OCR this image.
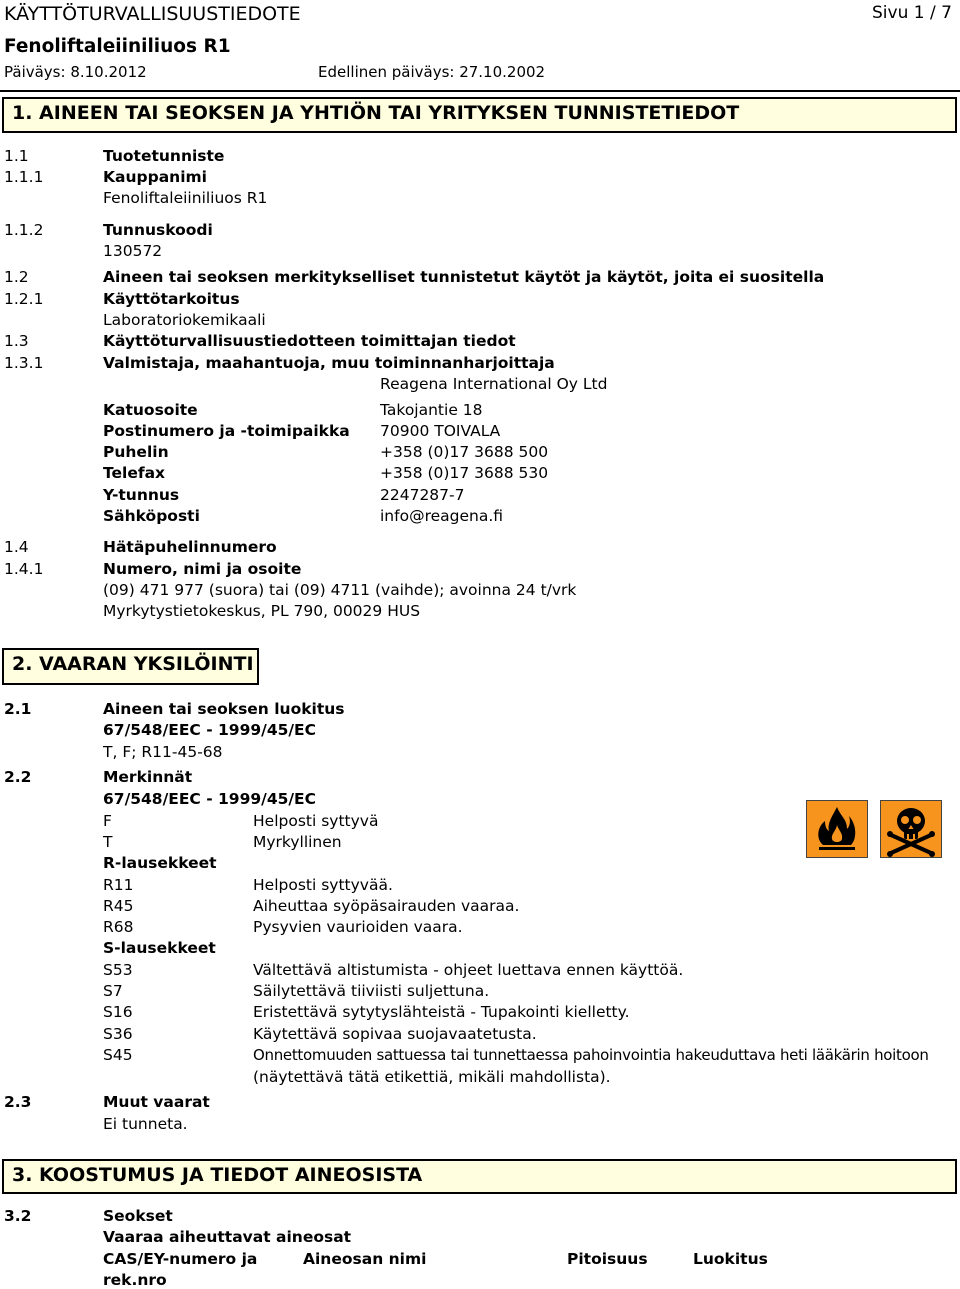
KÄYTTÖTURVALLISUUSTIEDOTE	Sivu 1 / 7
Fenoliftaleiiniliuos R1
Päiväys: 8.10.2012	Edellinen päiväys: 27.10.2002
1. AINEEN TAI SEOKSEN JA YHTIÖN TAI YRITYKSEN TUNNISTETIEDOT
1.1	Tuotetunniste
1.1.1	Kauppanimi
Fenoliftaleiiniliuos R1
1.1.2	Tunnuskoodi
130572
1.2	Aineen tai seoksen merkitykselliset tunnistetut käytöt ja käytöt, joita ei suositella
1.2.1	Käyttötarkoitus
Laboratoriokemikaali
1.3	Käyttöturvallisuustiedotteen toimittajan tiedot
1.3.1	Valmistaja, maahantuoja, muu toiminnanharjoittaja
Reagena International Oy Ltd
Katuosoite	Takojantie 18
Postinumero ja -toimipaikka 70900 TOIVALA
Puhelin	+358 (0)17 3688 500
Telefax	+358 (0)17 3688 530
Y-tunnus	2247287-7
Sähköposti	info@reagena.fi
1.4	Hätäpuhelinnumero
1.4.1	Numero, nimi ja osoite
(09) 471 977 (suora) tai (09) 4711 (vaihde); avoinna 24 t/vrk
Myrkytystietokeskus, PL 790, 00029 HUS
2. VAARAN YKSILÖINTI
2.1	Aineen tai seoksen luokitus
67/548/EEC - 1999/45/EC
T, F; R11-45-68
2.2	Merkinnät
67/548/EEC - 1999/45/EC
F	Helposti syttyvä
T	Myrkyllinen
R-lausekkeet
R11	Helposti syttyvää.
R45	Aiheuttaa syöpäsairauden vaaraa.
R68	Pysyvien vaurioiden vaara.
S-lausekkeet
S53	Vältettävä altistumista - ohjeet luettava ennen käyttöä.
S7	Säilytettävä tiiviisti suljettuna.
S16	Eristettävä sytytyslähteistä - Tupakointi kielletty.
S36	Käytettävä sopivaa suojavaatetusta.
S45	Onnettomuuden sattuessa tai tunnettaessa pahoinvointia hakeuduttava heti lääkärin hoitoon
(näytettävä tätä etikettiä, mikäli mahdollista).
2.3	Muut vaarat
Ei tunneta.
3. KOOSTUMUS JA TIEDOT AINEOSISTA
3.2	Seokset
Vaaraa aiheuttavat aineosat
CAS/EY-numero ja	Aineosan nimi	Pitoisuus	Luokitus
rek.nro
